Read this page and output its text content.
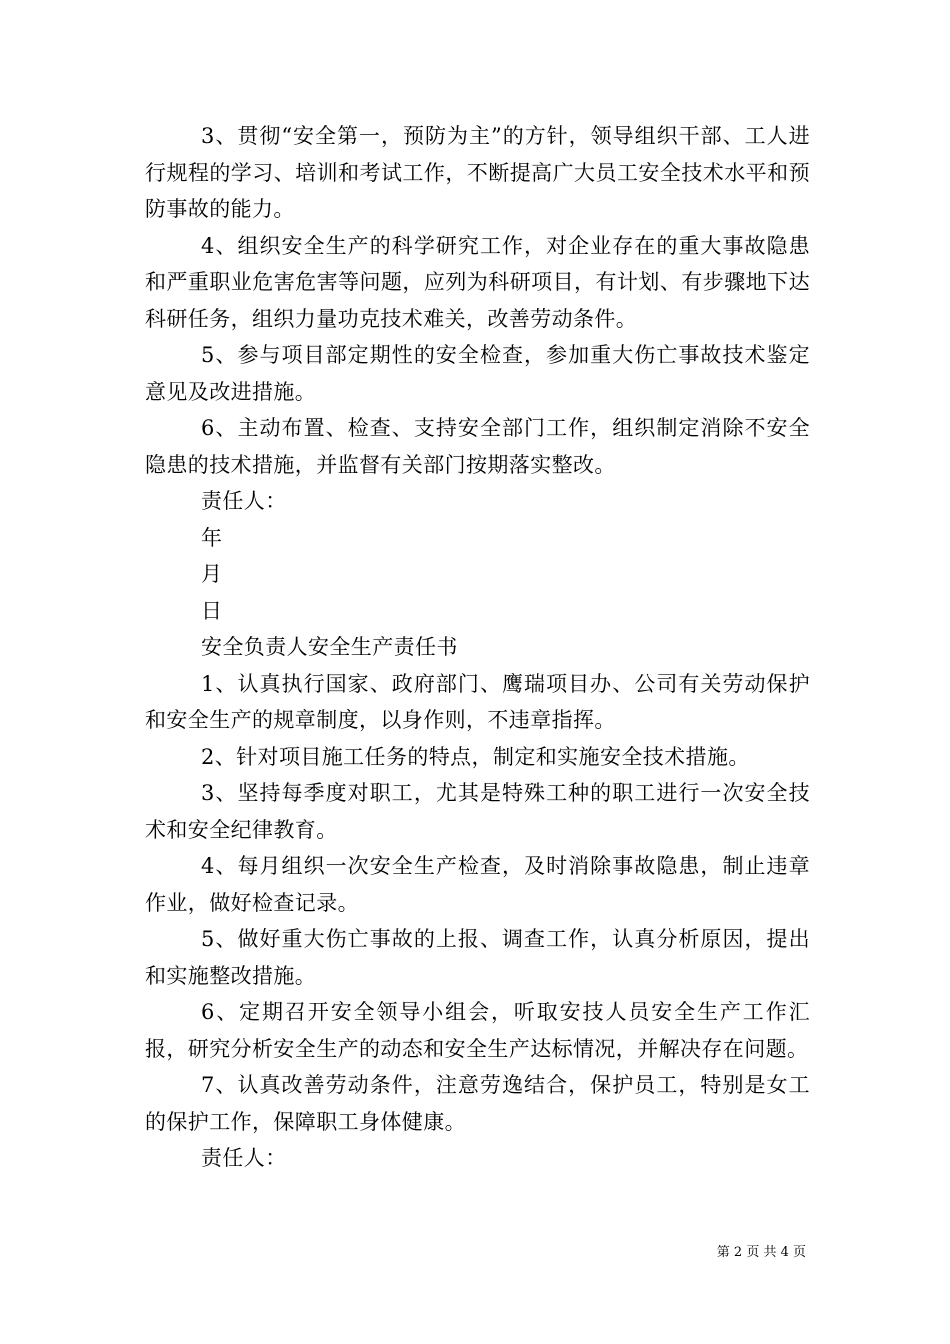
3、贯彻“安全第一，预防为主”的方针，领导组织干部、工人进行规程的学习、培训和考试工作，不断提高广大员工安全技术水平和预防事故的能力。

4、组织安全生产的科学研究工作，对企业存在的重大事故隐患和严重职业危害危害等问题，应列为科研项目，有计划、有步骤地下达科研任务，组织力量功克技术难关，改善劳动条件。

5、参与项目部定期性的安全检查，参加重大伤亡事故技术鉴定意见及改进措施。

6、主动布置、检查、支持安全部门工作，组织制定消除不安全隐患的技术措施，并监督有关部门按期落实整改。

责任人：

年

月

日

安全负责人安全生产责任书

1、认真执行国家、政府部门、鹰瑞项目办、公司有关劳动保护和安全生产的规章制度，以身作则，不违章指挥。

2、针对项目施工任务的特点，制定和实施安全技术措施。

3、坚持每季度对职工，尤其是特殊工种的职工进行一次安全技术和安全纪律教育。

4、每月组织一次安全生产检查，及时消除事故隐患，制止违章作业，做好检查记录。

5、做好重大伤亡事故的上报、调查工作，认真分析原因，提出和实施整改措施。

6、定期召开安全领导小组会，听取安技人员安全生产工作汇报，研究分析安全生产的动态和安全生产达标情况，并解决存在问题。

7、认真改善劳动条件，注意劳逸结合，保护员工，特别是女工的保护工作，保障职工身体健康。

责任人：

第 2 页 共 4 页
